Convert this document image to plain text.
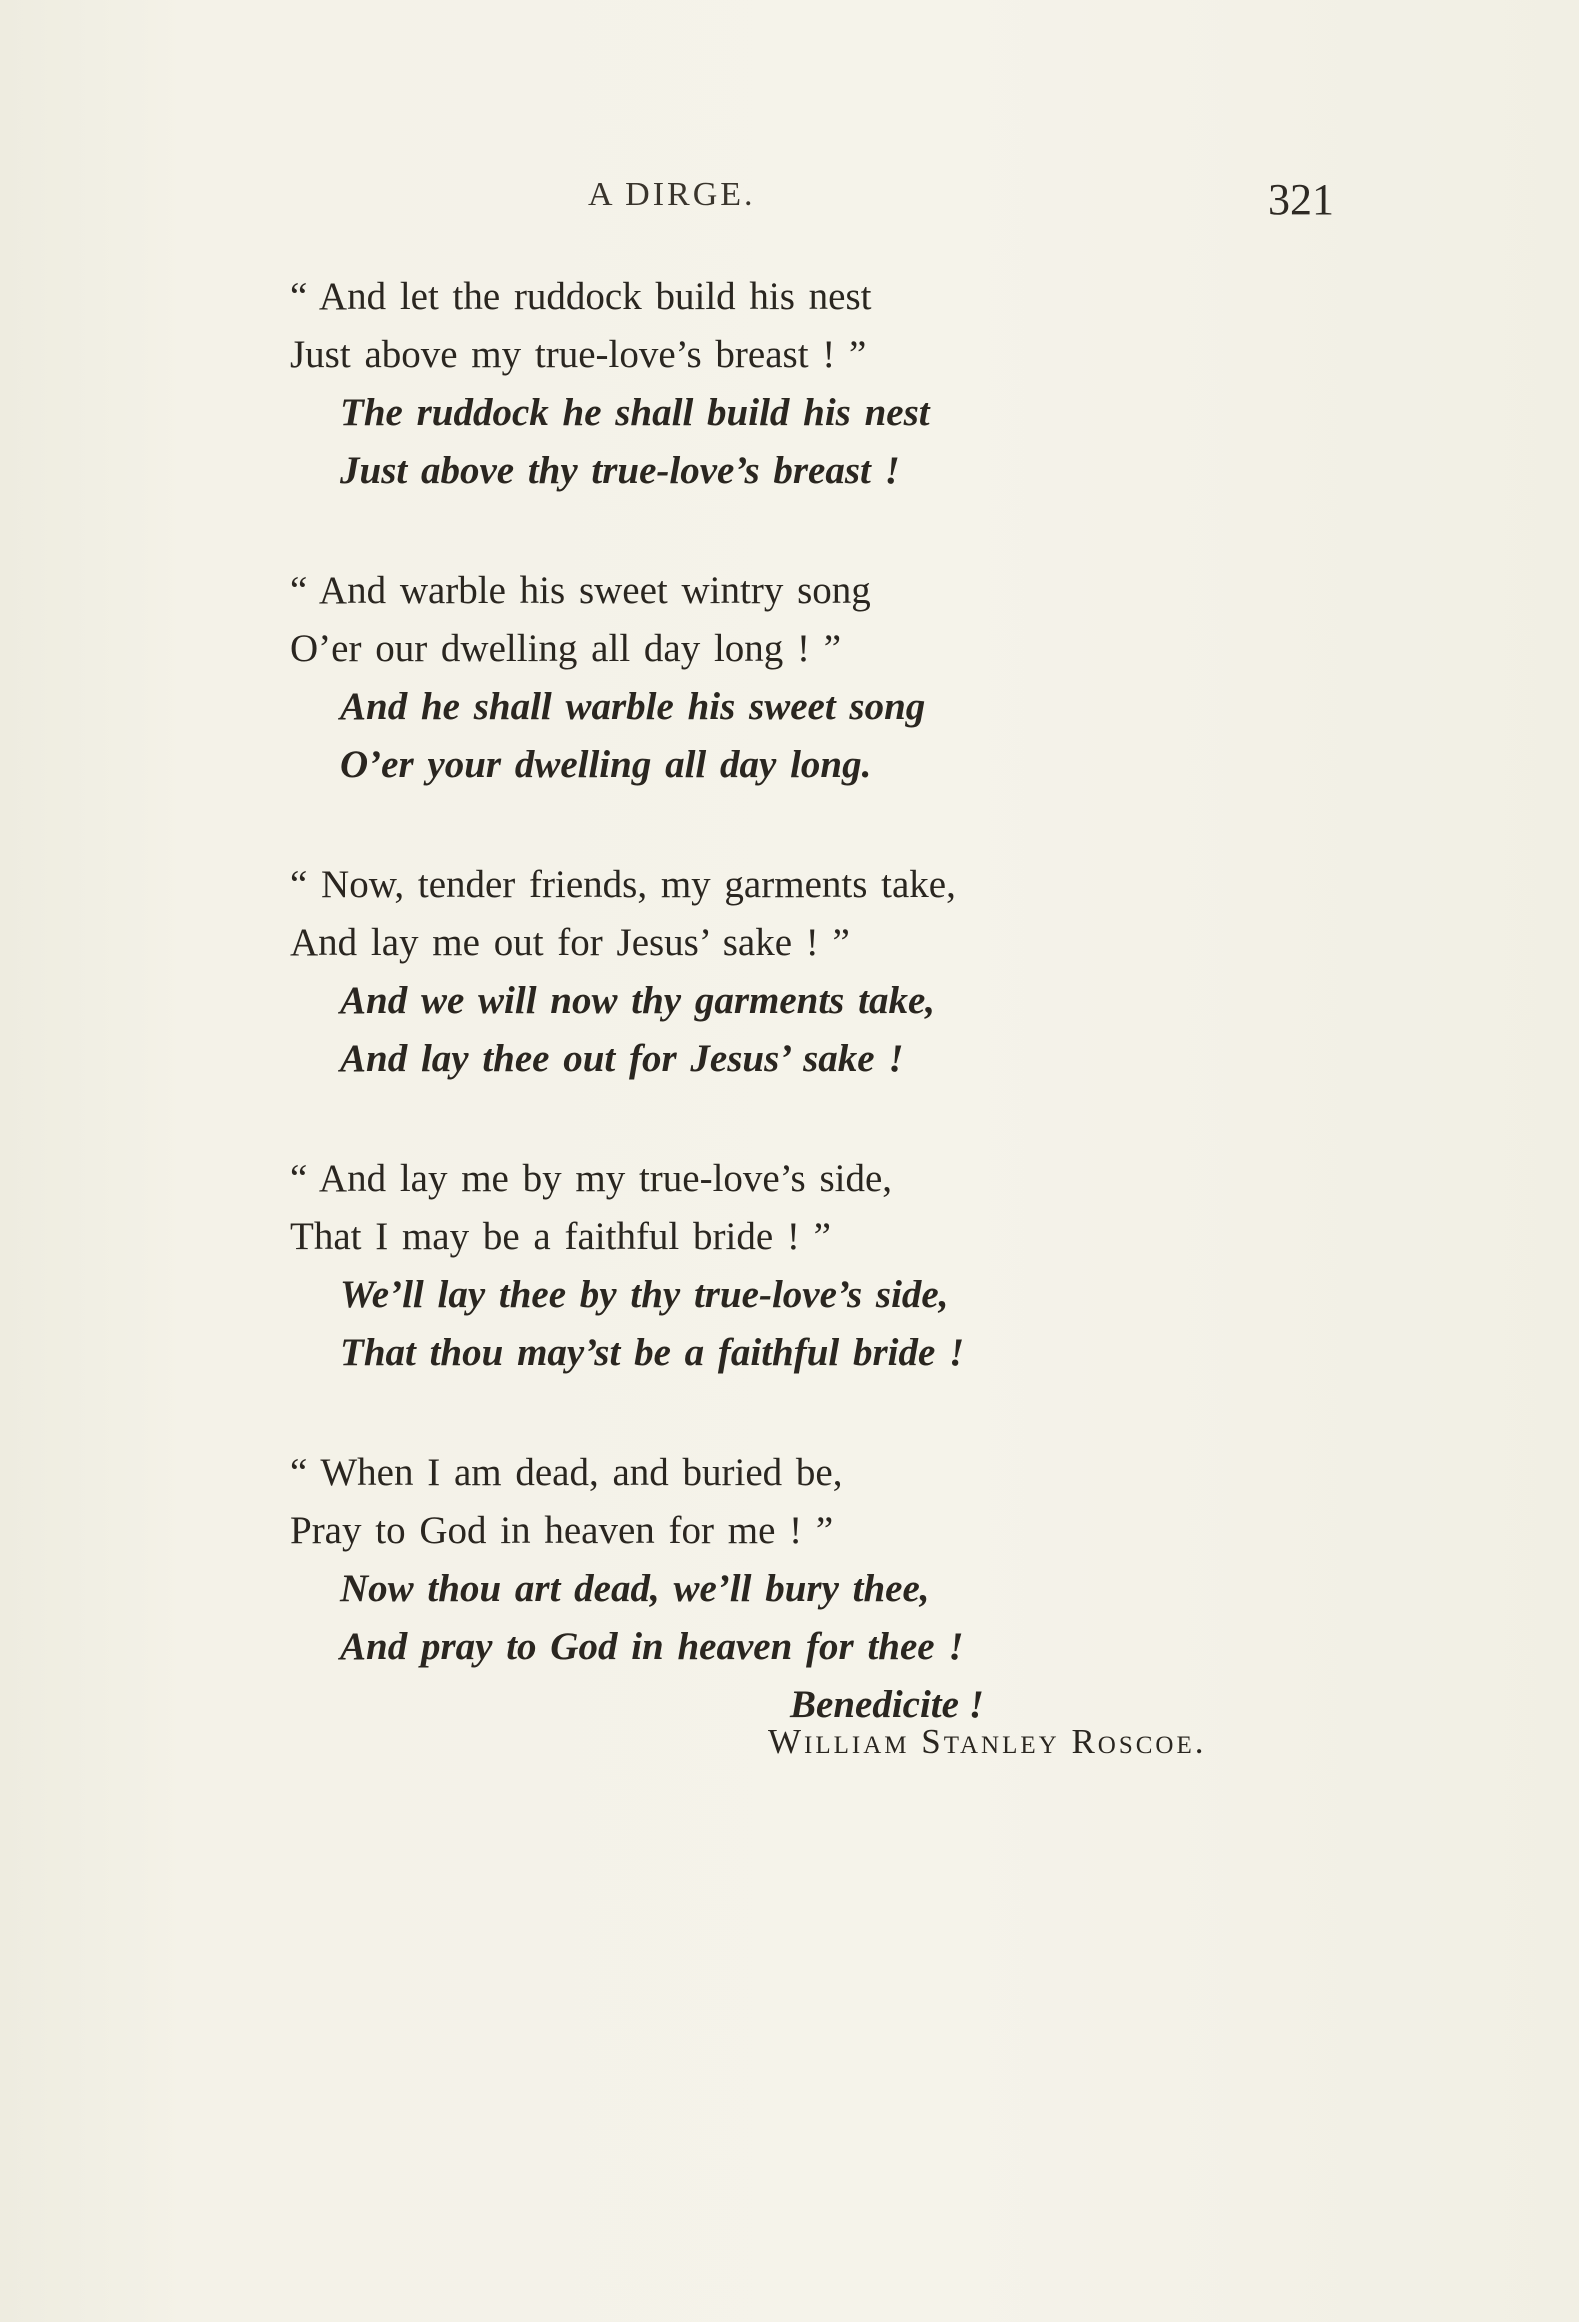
A DIRGE.	321
“ And let the ruddock build his nest
Just above my true-love’s breast ! ”
The ruddock he shall build his nest
Just above thy true-love’s breast !
“ And warble his sweet wintry song
O’er our dwelling all day long ! ”
And he shall warble his sweet song
O’er your dwelling all day long.
“ Now, tender friends, my garments take,
And lay me out for Jesus’ sake ! ”
And we will now thy garments take,
And lay thee out for Jesus’ sake !
“ And lay me by my true-love’s side,
That I may be a faithful bride ! ”
We’ll lay thee by thy true-love’s side,
That thou may’st be a faithful bride !
“ When I am dead, and buried be,
Pray to God in heaven for me ! ”
Now thou art dead, we’ll bury thee,
And pray to God in heaven for thee !
Benedicite !
William Stanley Roscoe.
